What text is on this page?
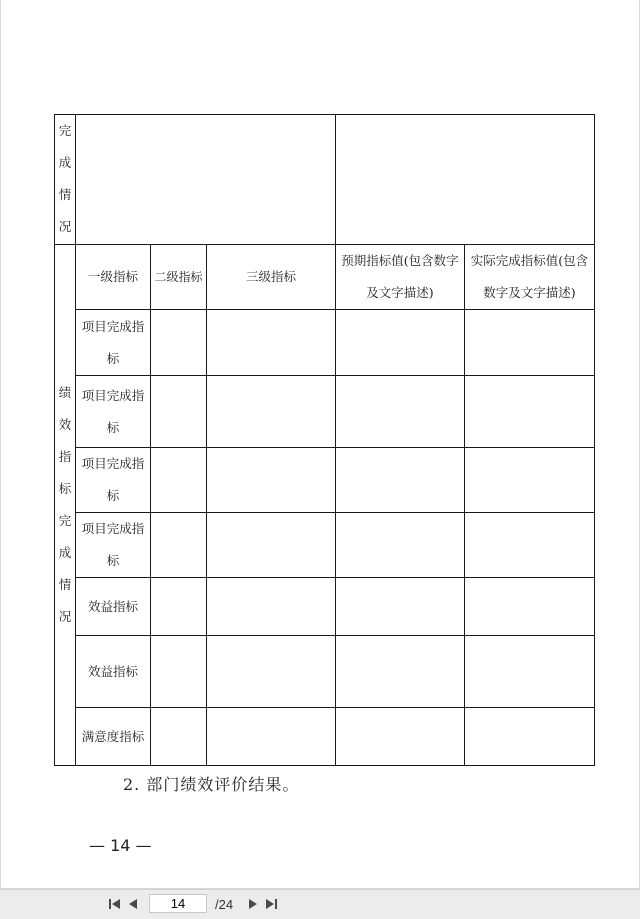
完成情况					
绩效指标完成情况	一级指标	二级指标	三级指标	预期指标值(包含数字及文字描述)	实际完成指标值(包含数字及文字描述)

	项目完成指标				

	项目完成指标				

	项目完成指标				

	项目完成指标				

	效益指标				
	效益指标				
	满意度指标				
2. 部门绩效评价结果。
— 14 —
14
/24
